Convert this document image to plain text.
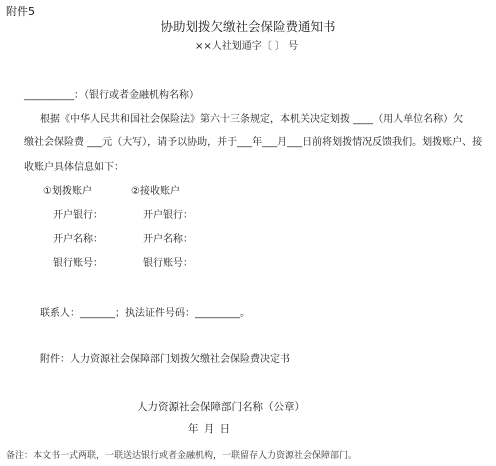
附件5
协助划拨欠缴社会保险费通知书
××人社划通字〔 〕 号
__________：（银行或者金融机构名称）
根据《中华人民共和国社会保险法》第六十三条规定，本机关决定划拨 ____（用人单位名称）欠
缴社会保险费 ___元（大写），请予以协助，并于___年___月___日前将划拨情况反馈我们。划拨账户、接
收账户具体信息如下：
①划拨账户	②接收账户
开户银行：	开户银行：
开户名称：	开户名称：
银行账号：	银行账号：
联系人：_______；执法证件号码：_________。
附件：人力资源社会保障部门划拨欠缴社会保险费决定书
人力资源社会保障部门名称（公章）
年 月 日
备注：本文书一式两联，一联送达银行或者金融机构，一联留存人力资源社会保障部门。
